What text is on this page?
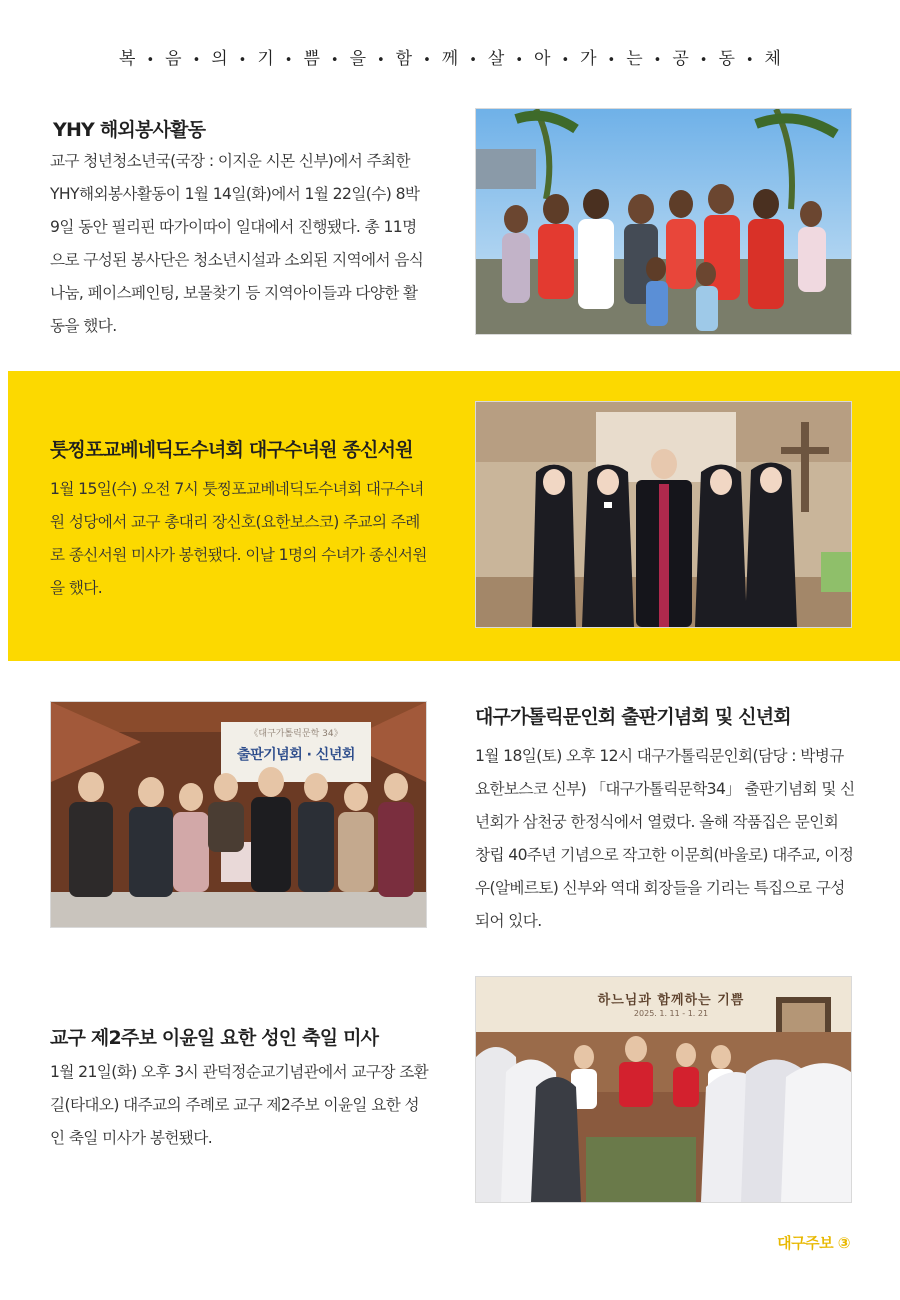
복 • 음 • 의 • 기 • 쁨 • 을 • 함 • 께 • 살 • 아 • 가 • 는 • 공 • 동 • 체
YHY 해외봉사활동

교구 청년청소년국(국장 : 이지운 시몬 신부)에서 주최한 YHY해외봉사활동이 1월 14일(화)에서 1월 22일(수) 8박 9일 동안 필리핀 따가이따이 일대에서 진행됐다. 총 11명으로 구성된 봉사단은 청소년시설과 소외된 지역에서 음식나눔, 페이스페인팅, 보물찾기 등 지역아이들과 다양한 활동을 했다.

툿찡포교베네딕도수녀회 대구수녀원 종신서원

1월 15일(수) 오전 7시 툿찡포교베네딕도수녀회 대구수녀원 성당에서 교구 총대리 장신호(요한보스코) 주교의 주례로 종신서원 미사가 봉헌됐다. 이날 1명의 수녀가 종신서원을 했다.

《대구가톨릭문학 34》
출판기념회 · 신년회
대구가톨릭문인회 출판기념회 및 신년회

1월 18일(토) 오후 12시 대구가톨릭문인회(담당 : 박병규 요한보스코 신부) 「대구가톨릭문학34」 출판기념회 및 신년회가 삼천궁 한정식에서 열렸다. 올해 작품집은 문인회 창립 40주년 기념으로 작고한 이문희(바울로) 대주교, 이정우(알베르토) 신부와 역대 회장들을 기리는 특집으로 구성되어 있다.

교구 제2주보 이윤일 요한 성인 축일 미사

1월 21일(화) 오후 3시 관덕정순교기념관에서 교구장 조환길(타대오) 대주교의 주례로 교구 제2주보 이윤일 요한 성인 축일 미사가 봉헌됐다.

하느님과 함께하는 기쁨
2025. 1. 11 - 1. 21
대구주보 ③
